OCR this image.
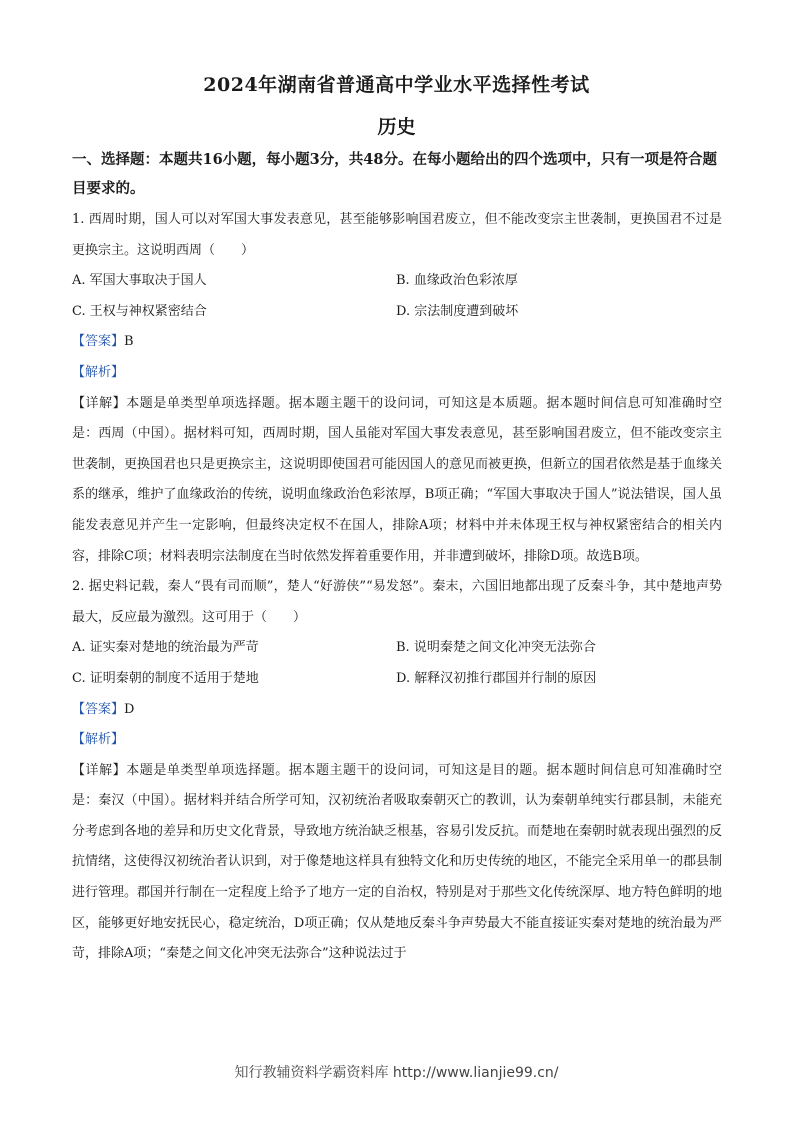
2024年湖南省普通高中学业水平选择性考试
历史
一、选择题：本题共16小题，每小题3分，共48分。在每小题给出的四个选项中，只有一项是符合题目要求的。
1. 西周时期，国人可以对军国大事发表意见，甚至能够影响国君废立，但不能改变宗主世袭制，更换国君不过是更换宗主。这说明西周（　　）
A. 军国大事取决于国人	B. 血缘政治色彩浓厚
C. 王权与神权紧密结合	D. 宗法制度遭到破坏
【答案】B
【解析】
【详解】本题是单类型单项选择题。据本题主题干的设问词，可知这是本质题。据本题时间信息可知准确时空是：西周（中国）。据材料可知，西周时期，国人虽能对军国大事发表意见，甚至影响国君废立，但不能改变宗主世袭制，更换国君也只是更换宗主，这说明即使国君可能因国人的意见而被更换，但新立的国君依然是基于血缘关系的继承，维护了血缘政治的传统，说明血缘政治色彩浓厚，B项正确；“军国大事取决于国人”说法错误，国人虽能发表意见并产生一定影响，但最终决定权不在国人，排除A项；材料中并未体现王权与神权紧密结合的相关内容，排除C项；材料表明宗法制度在当时依然发挥着重要作用，并非遭到破坏，排除D项。故选B项。
2. 据史料记载，秦人“畏有司而顺”，楚人“好游侠”“易发怒”。秦末，六国旧地都出现了反秦斗争，其中楚地声势最大，反应最为激烈。这可用于（　　）
A. 证实秦对楚地的统治最为严苛	B. 说明秦楚之间文化冲突无法弥合
C. 证明秦朝的制度不适用于楚地	D. 解释汉初推行郡国并行制的原因
【答案】D
【解析】
【详解】本题是单类型单项选择题。据本题主题干的设问词，可知这是目的题。据本题时间信息可知准确时空是：秦汉（中国）。据材料并结合所学可知，汉初统治者吸取秦朝灭亡的教训，认为秦朝单纯实行郡县制，未能充分考虑到各地的差异和历史文化背景，导致地方统治缺乏根基，容易引发反抗。而楚地在秦朝时就表现出强烈的反抗情绪，这使得汉初统治者认识到，对于像楚地这样具有独特文化和历史传统的地区，不能完全采用单一的郡县制进行管理。郡国并行制在一定程度上给予了地方一定的自治权，特别是对于那些文化传统深厚、地方特色鲜明的地区，能够更好地安抚民心，稳定统治，D项正确；仅从楚地反秦斗争声势最大不能直接证实秦对楚地的统治最为严苛，排除A项；“秦楚之间文化冲突无法弥合”这种说法过于
知行教辅资料学霸资料库 http://www.lianjie99.cn/
